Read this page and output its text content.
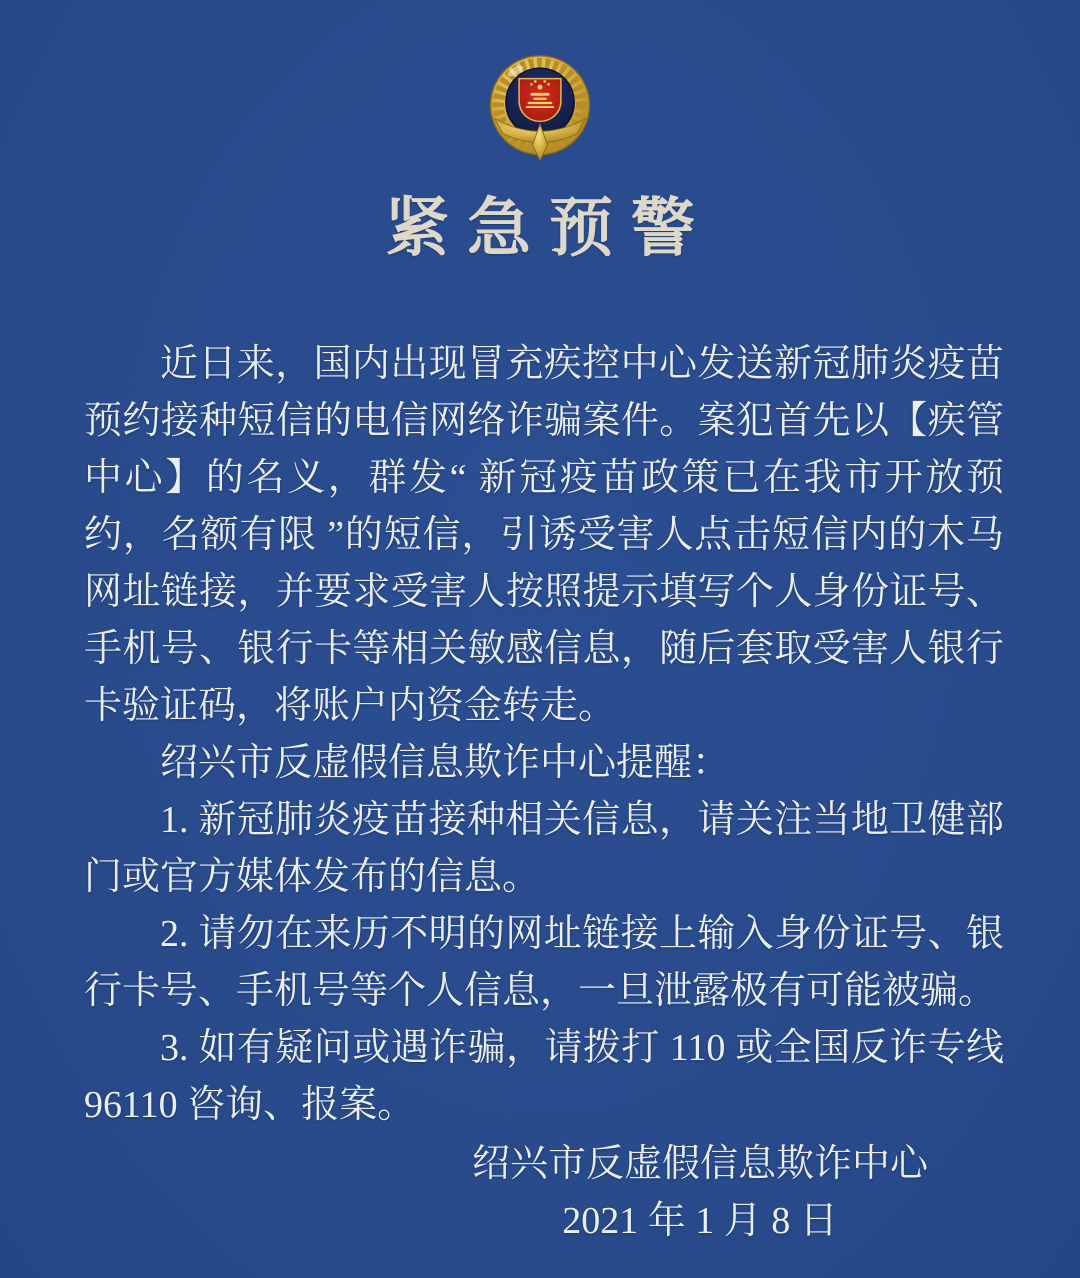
紧急预警

近日来，国内出现冒充疾控中心发送新冠肺炎疫苗预约接种短信的电信网络诈骗案件。案犯首先以【疾管中心】的名义，群发“ 新冠疫苗政策已在我市开放预约，名额有限 ”的短信，引诱受害人点击短信内的木马网址链接，并要求受害人按照提示填写个人身份证号、手机号、银行卡等相关敏感信息，随后套取受害人银行卡验证码，将账户内资金转走。

绍兴市反虚假信息欺诈中心提醒：

1. 新冠肺炎疫苗接种相关信息，请关注当地卫健部门或官方媒体发布的信息。

2. 请勿在来历不明的网址链接上输入身份证号、银行卡号、手机号等个人信息，一旦泄露极有可能被骗。

3. 如有疑问或遇诈骗，请拨打 110 或全国反诈专线 96110 咨询、报案。

绍兴市反虚假信息欺诈中心
2021 年 1 月 8 日
